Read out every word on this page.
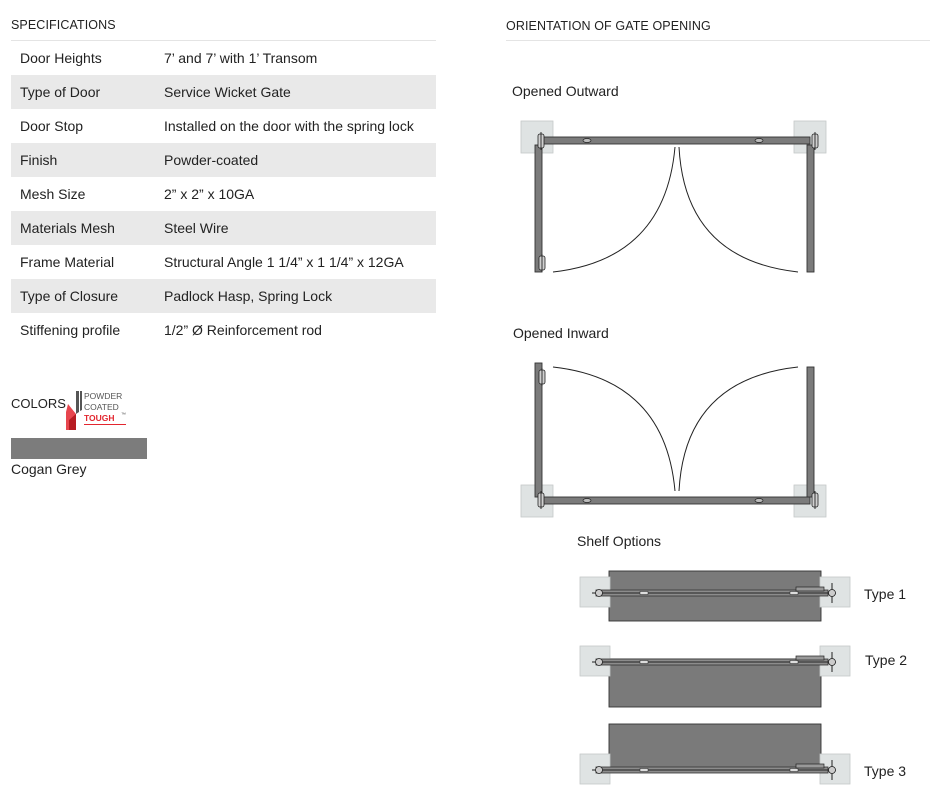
SPECIFICATIONS
Door Heights	7’ and 7’ with 1’ Transom
Type of Door	Service Wicket Gate
Door Stop	Installed on the door with the spring lock
Finish	Powder-coated
Mesh Size	2” x 2” x 10GA
Materials Mesh	Steel Wire
Frame Material	Structural Angle 1 1/4” x 1 1/4” x 12GA
Type of Closure	Padlock Hasp, Spring Lock
Stiffening profile	1/2” Ø Reinforcement rod
COLORS POWDER
COATED
TOUGH ™
Cogan Grey
ORIENTATION OF GATE OPENING
Opened Outward
Opened Inward
Shelf Options
Type 1
Type 2
Type 3
